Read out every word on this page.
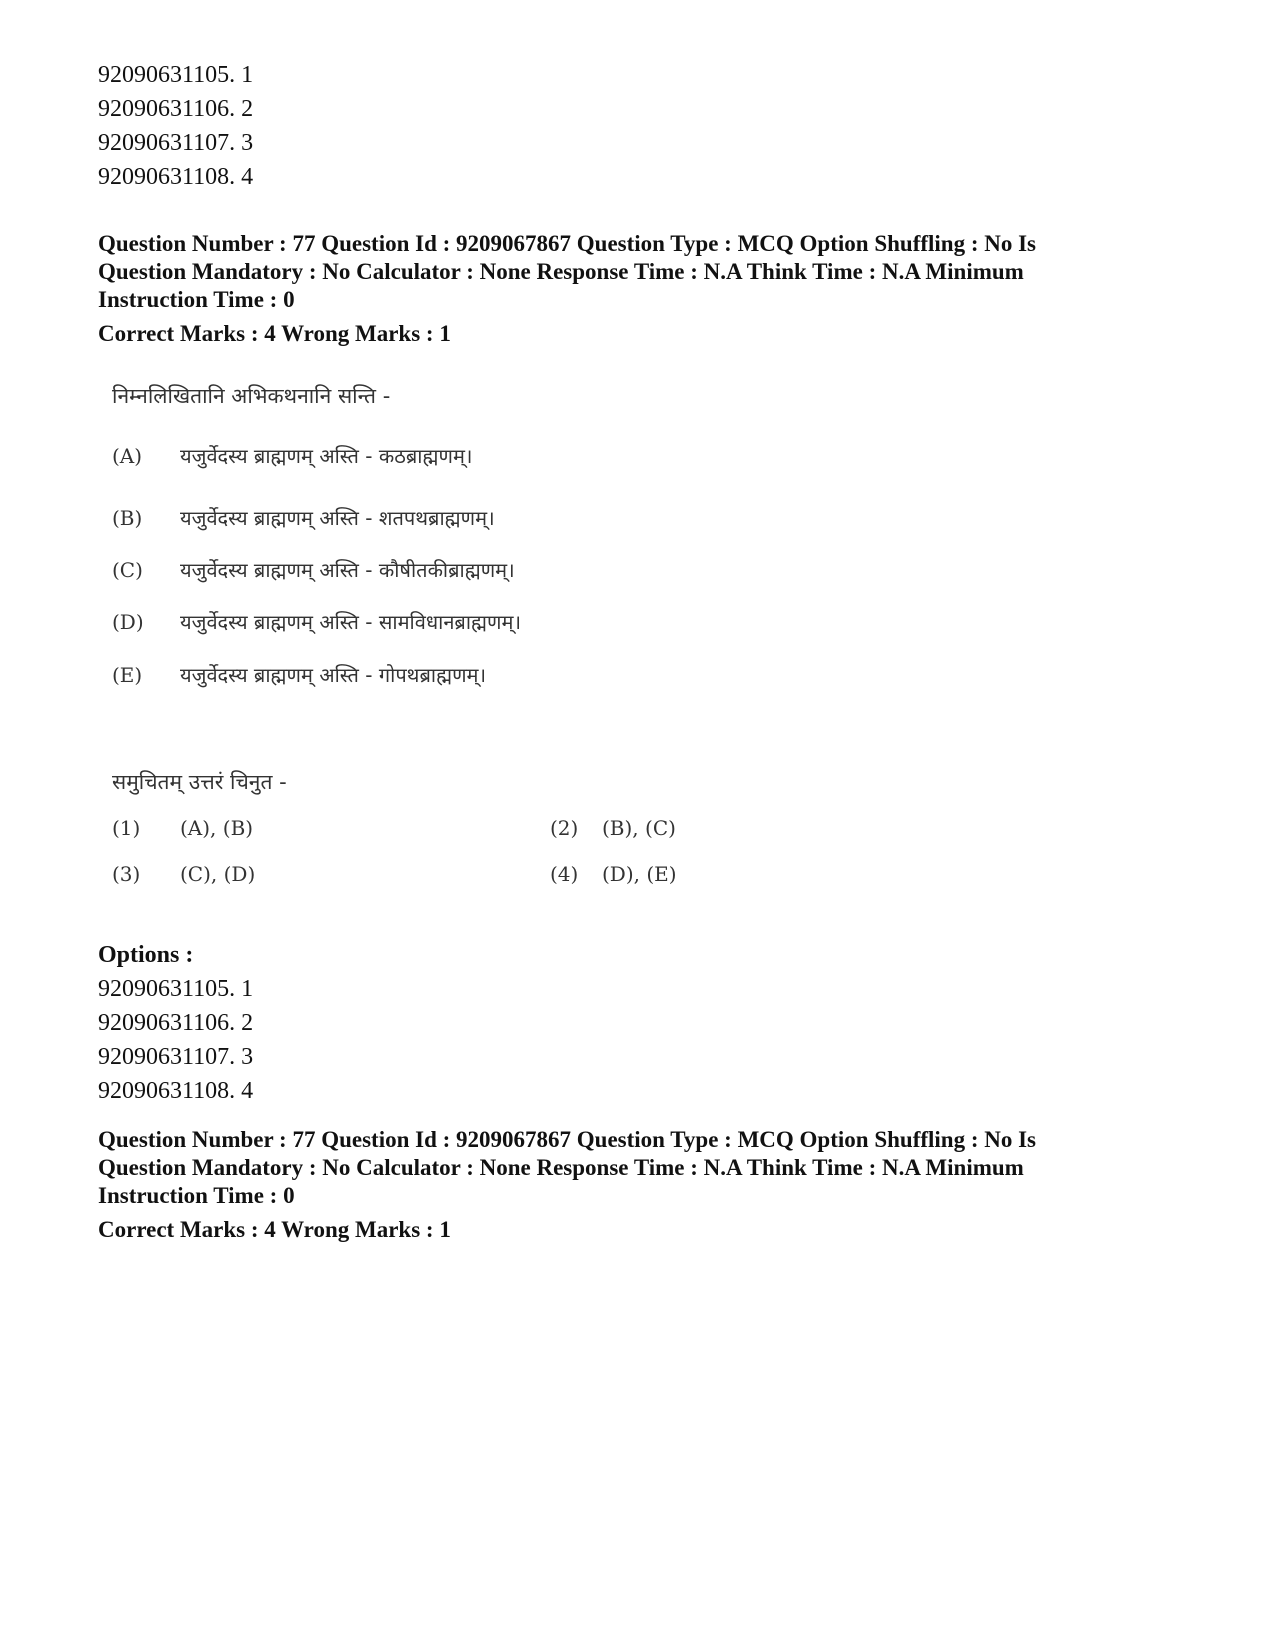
92090631105. 1
92090631106. 2
92090631107. 3
92090631108. 4
Question Number : 77 Question Id : 9209067867 Question Type : MCQ Option Shuffling : No Is
Question Mandatory : No Calculator : None Response Time : N.A Think Time : N.A Minimum
Instruction Time : 0
Correct Marks : 4 Wrong Marks : 1
निम्नलिखितानि अभिकथनानि सन्ति -
(A) यजुर्वेदस्य ब्राह्मणम् अस्ति - कठब्राह्मणम्।
(B) यजुर्वेदस्य ब्राह्मणम् अस्ति - शतपथब्राह्मणम्।
(C) यजुर्वेदस्य ब्राह्मणम् अस्ति - कौषीतकीब्राह्मणम्।
(D) यजुर्वेदस्य ब्राह्मणम् अस्ति - सामविधानब्राह्मणम्।
(E) यजुर्वेदस्य ब्राह्मणम् अस्ति - गोपथब्राह्मणम्।
समुचितम् उत्तरं चिनुत -
(1) (A), (B)	(2) (B), (C)
(3) (C), (D)	(4) (D), (E)
Options :
92090631105. 1
92090631106. 2
92090631107. 3
92090631108. 4
Question Number : 77 Question Id : 9209067867 Question Type : MCQ Option Shuffling : No Is
Question Mandatory : No Calculator : None Response Time : N.A Think Time : N.A Minimum
Instruction Time : 0
Correct Marks : 4 Wrong Marks : 1
